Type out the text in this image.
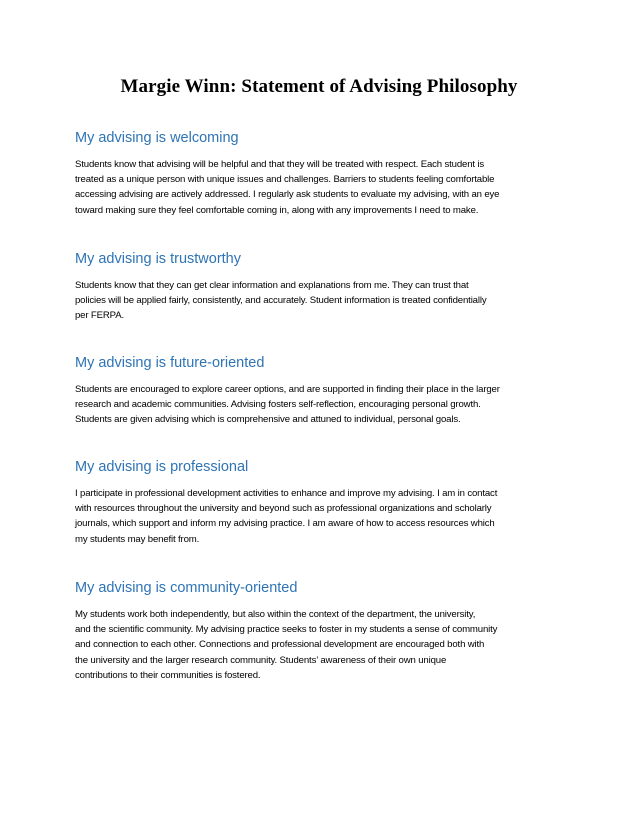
Margie Winn: Statement of Advising Philosophy
My advising is welcoming
Students know that advising will be helpful and that they will be treated with respect. Each student is
treated as a unique person with unique issues and challenges. Barriers to students feeling comfortable
accessing advising are actively addressed. I regularly ask students to evaluate my advising, with an eye
toward making sure they feel comfortable coming in, along with any improvements I need to make.
My advising is trustworthy
Students know that they can get clear information and explanations from me. They can trust that
policies will be applied fairly, consistently, and accurately. Student information is treated confidentially
per FERPA.
My advising is future-oriented
Students are encouraged to explore career options, and are supported in finding their place in the larger
research and academic communities. Advising fosters self-reflection, encouraging personal growth.
Students are given advising which is comprehensive and attuned to individual, personal goals.
My advising is professional
I participate in professional development activities to enhance and improve my advising. I am in contact
with resources throughout the university and beyond such as professional organizations and scholarly
journals, which support and inform my advising practice. I am aware of how to access resources which
my students may benefit from.
My advising is community-oriented
My students work both independently, but also within the context of the department, the university,
and the scientific community. My advising practice seeks to foster in my students a sense of community
and connection to each other. Connections and professional development are encouraged both with
the university and the larger research community. Students’ awareness of their own unique
contributions to their communities is fostered.
